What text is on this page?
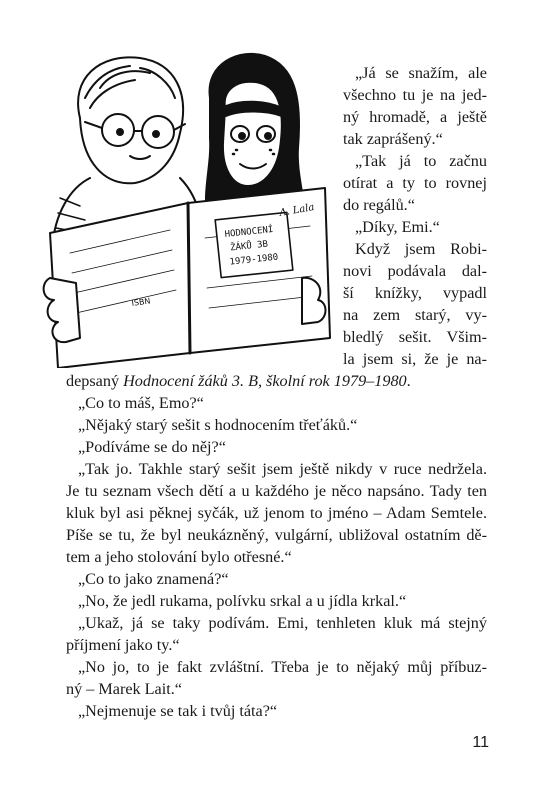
HODNOCENÍ
ŽÁKŮ 3B
1979-1980
ISBN
A. Lala
„Já se snažím, ale
všechno tu je na jed-
ný hromadě, a ještě
tak zaprášený.“
„Tak já to začnu
otírat a ty to rovnej
do regálů.“
„Díky, Emi.“
Když jsem Robi-
novi podávala dal-
ší knížky, vypadl
na zem starý, vy-
bledlý sešit. Všim-
la jsem si, že je na-
depsaný Hodnocení žáků 3. B, školní rok 1979–1980.
„Co to máš, Emo?“
„Nějaký starý sešit s hodnocením třeťáků.“
„Podíváme se do něj?“
„Tak jo. Takhle starý sešit jsem ještě nikdy v ruce nedržela.
Je tu seznam všech dětí a u každého je něco napsáno. Tady ten
kluk byl asi pěknej syčák, už jenom to jméno – Adam Semtele.
Píše se tu, že byl neukázněný, vulgární, ubližoval ostatním dě-
tem a jeho stolování bylo otřesné.“
„Co to jako znamená?“
„No, že jedl rukama, polívku srkal a u jídla krkal.“
„Ukaž, já se taky podívám. Emi, tenhleten kluk má stejný
příjmení jako ty.“
„No jo, to je fakt zvláštní. Třeba je to nějaký můj příbuz-
ný – Marek Lait.“
„Nejmenuje se tak i tvůj táta?“
11
